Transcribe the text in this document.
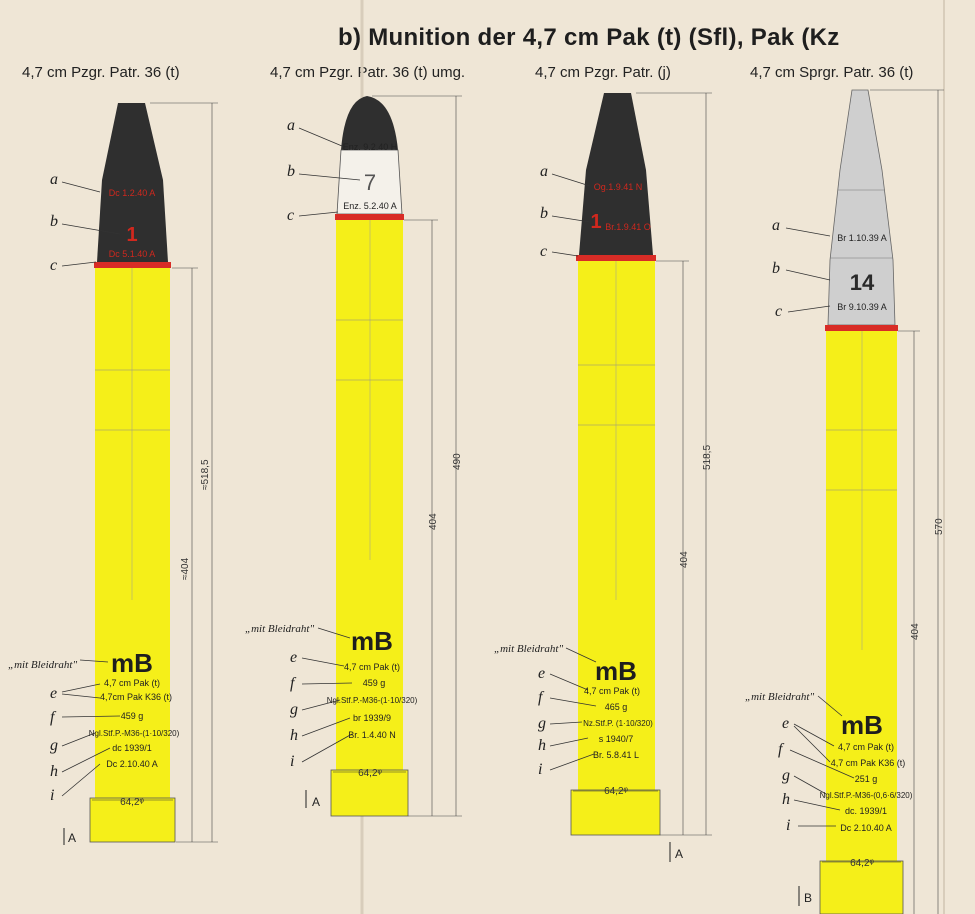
b) Munition der 4,7 cm Pak (t) (Sfl), Pak (Kz
4,7 cm Pzgr. Patr. 36 (t)	4,7 cm Pzgr. Patr. 36 (t) umg.	4,7 cm Pzgr. Patr. (j)	4,7 cm Sprgr. Patr. 36 (t)
Dc 1.2.40 A
1
Dc 5.1.40 A
a
b
c
„mit Bleidraht" mB
e
f
g
h
i
4,7 cm Pak (t)
4,7cm Pak K36 (t)
459 g
Ngl.Stf.P.-M36-(1·10/320)
dc 1939/1
Dc 2.10.40 A
64,2ᵠ
≈518,5
≈404
A
Enz. 9.2.40 H
7
Enz. 5.2.40 A
a
b
c
„mit Bleidraht" mB
e
f
g
h
i
4,7 cm Pak (t)
459 g
Ngl.Stf.P.-M36-(1·10/320)
br 1939/9
Br. 1.4.40 N
64,2ᵠ
490
404
A
Og.1.9.41 N
1 Br.1.9.41 O
a
b
c
„mit Bleidraht"
mB
e
f
g
h
i
4,7 cm Pak (t)
465 g
Nz.Stf.P. (1·10/320)
s 1940/7
Br. 5.8.41 L
64,2ᵠ
518,5
404
A
Br 1.10.39 A
14
Br 9.10.39 A
a
b
c
„mit Bleidraht"
mB
e
f
g
h
i
4,7 cm Pak (t)
4,7 cm Pak K36 (t)
251 g
Ngl.Stf.P.-M36-(0,6·6/320)
dc. 1939/1
Dc 2.10.40 A
64,2ᵠ
570
404
B
